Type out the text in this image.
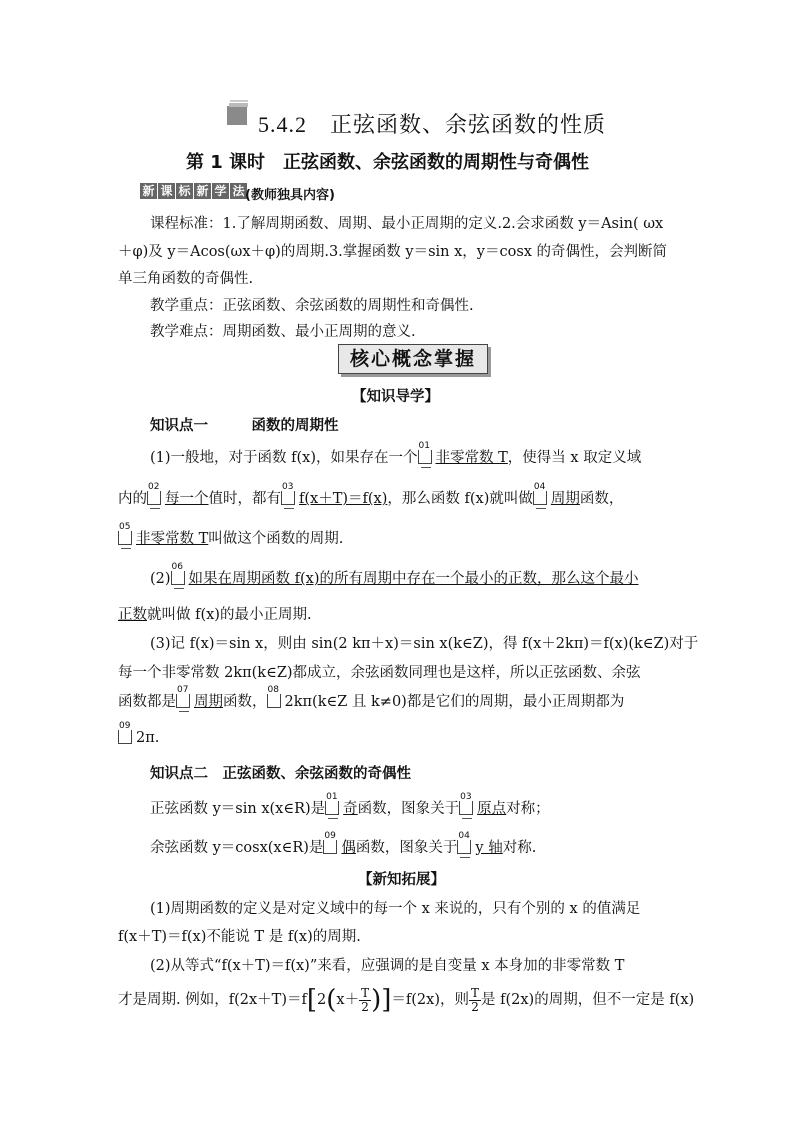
5.4.2　正弦函数、余弦函数的性质
第 1 课时　正弦函数、余弦函数的周期性与奇偶性
新 课 标 新 学 法 (教师独具内容)
课程标准：1.了解周期函数、周期、最小正周期的定义.2.会求函数 y＝Asin( ωx
＋φ)及 y＝Acos(ωx＋φ)的周期.3.掌握函数 y＝sin x，y＝cosx 的奇偶性，会判断简
单三角函数的奇偶性.
教学重点：正弦函数、余弦函数的周期性和奇偶性.
教学难点：周期函数、最小正周期的意义.
核心概念掌握
【知识导学】
知识点一　　　函数的周期性
(1)一般地，对于函数 f(x)，如果存在一个
01
非零常数 T，使得当 x 取定义域
内的
02
每一个值时，都有
03
f(x＋T)＝f(x)，那么函数 f(x)就叫做
04
周期函数，
05
非零常数 T叫做这个函数的周期.
(2)
06
如果在周期函数 f(x)的所有周期中存在一个最小的正数，那么这个最小
正数就叫做 f(x)的最小正周期.
(3)记 f(x)＝sin x，则由 sin(2 kπ＋x)＝sin x(k∈Z)，得 f(x＋2kπ)＝f(x)(k∈Z)对于
每一个非零常数 2kπ(k∈Z)都成立，余弦函数同理也是这样，所以正弦函数、余弦
函数都是
07
周期函数，
08
2kπ(k∈Z 且 k≠0)都是它们的周期，最小正周期都为
09
2π.
知识点二　正弦函数、余弦函数的奇偶性
正弦函数 y＝sin x(x∈R)是
01
奇函数，图象关于
03
原点对称；
余弦函数 y＝cosx(x∈R)是
09
偶函数，图象关于
04
y 轴对称.
【新知拓展】
(1)周期函数的定义是对定义域中的每一个 x 来说的，只有个别的 x 的值满足
f(x＋T)＝f(x)不能说 T 是 f(x)的周期.
(2)从等式“f(x＋T)＝f(x)”来看，应强调的是自变量 x 本身加的非零常数 T
才是周期. 例如，$f(2x+T)=f[2(x+ \frac{T}{2} )]=f(2x)$，则 $\frac{T}{2}$ 是 f(2x)的周期，但不一定是 f(x)
